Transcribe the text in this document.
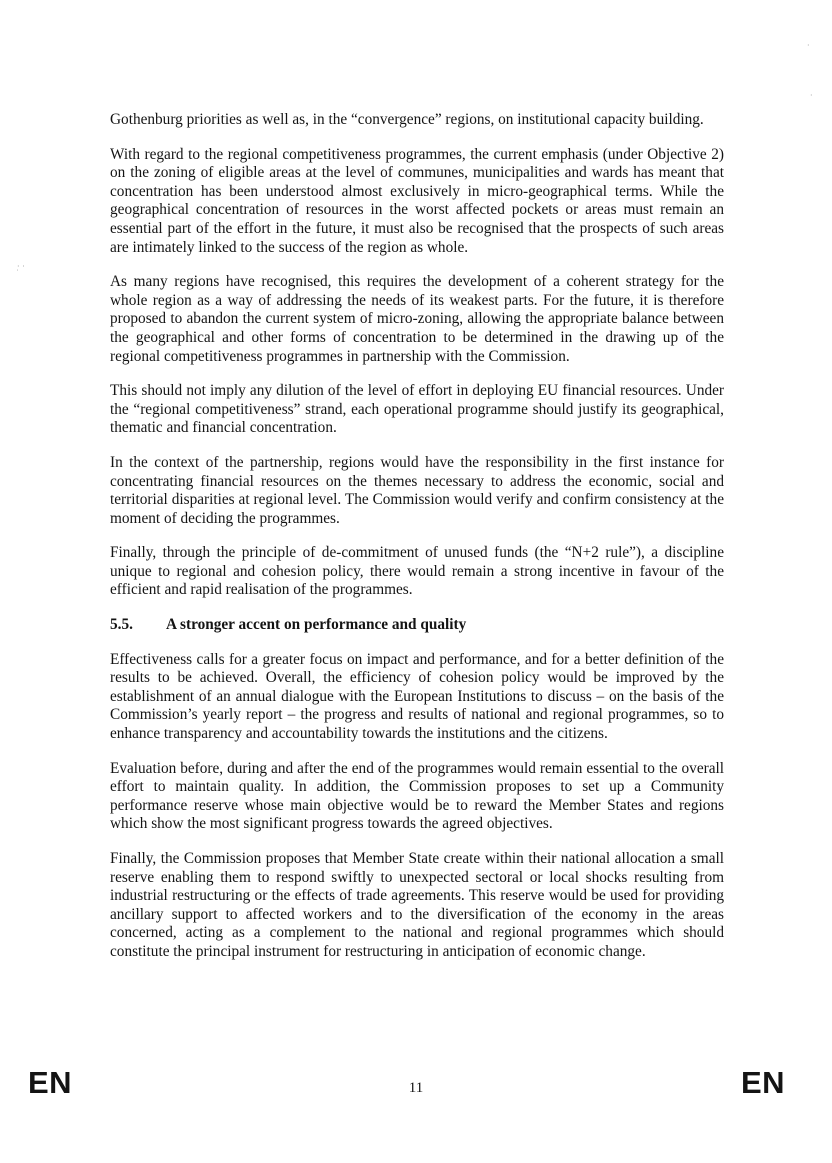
·̣ ·
·
·

Gothenburg priorities as well as, in the “convergence” regions, on institutional capacity building.

With regard to the regional competitiveness programmes, the current emphasis (under Objective 2) on the zoning of eligible areas at the level of communes, municipalities and wards has meant that concentration has been understood almost exclusively in micro-geographical terms. While the geographical concentration of resources in the worst affected pockets or areas must remain an essential part of the effort in the future, it must also be recognised that the prospects of such areas are intimately linked to the success of the region as whole.

As many regions have recognised, this requires the development of a coherent strategy for the whole region as a way of addressing the needs of its weakest parts. For the future, it is therefore proposed to abandon the current system of micro-zoning, allowing the appropriate balance between the geographical and other forms of concentration to be determined in the drawing up of the regional competitiveness programmes in partnership with the Commission.

This should not imply any dilution of the level of effort in deploying EU financial resources. Under the “regional competitiveness” strand, each operational programme should justify its geographical, thematic and financial concentration.

In the context of the partnership, regions would have the responsibility in the first instance for concentrating financial resources on the themes necessary to address the economic, social and territorial disparities at regional level. The Commission would verify and confirm consistency at the moment of deciding the programmes.

Finally, through the principle of de-commitment of unused funds (the “N+2 rule”), a discipline unique to regional and cohesion policy, there would remain a strong incentive in favour of the efficient and rapid realisation of the programmes.

5.5.	A stronger accent on performance and quality

Effectiveness calls for a greater focus on impact and performance, and for a better definition of the results to be achieved. Overall, the efficiency of cohesion policy would be improved by the establishment of an annual dialogue with the European Institutions to discuss – on the basis of the Commission’s yearly report – the progress and results of national and regional programmes, so to enhance transparency and accountability towards the institutions and the citizens.

Evaluation before, during and after the end of the programmes would remain essential to the overall effort to maintain quality. In addition, the Commission proposes to set up a Community performance reserve whose main objective would be to reward the Member States and regions which show the most significant progress towards the agreed objectives.

Finally, the Commission proposes that Member State create within their national allocation a small reserve enabling them to respond swiftly to unexpected sectoral or local shocks resulting from industrial restructuring or the effects of trade agreements. This reserve would be used for providing ancillary support to affected workers and to the diversification of the economy in the areas concerned, acting as a complement to the national and regional programmes which should constitute the principal instrument for restructuring in anticipation of economic change.

EN	11	EN
